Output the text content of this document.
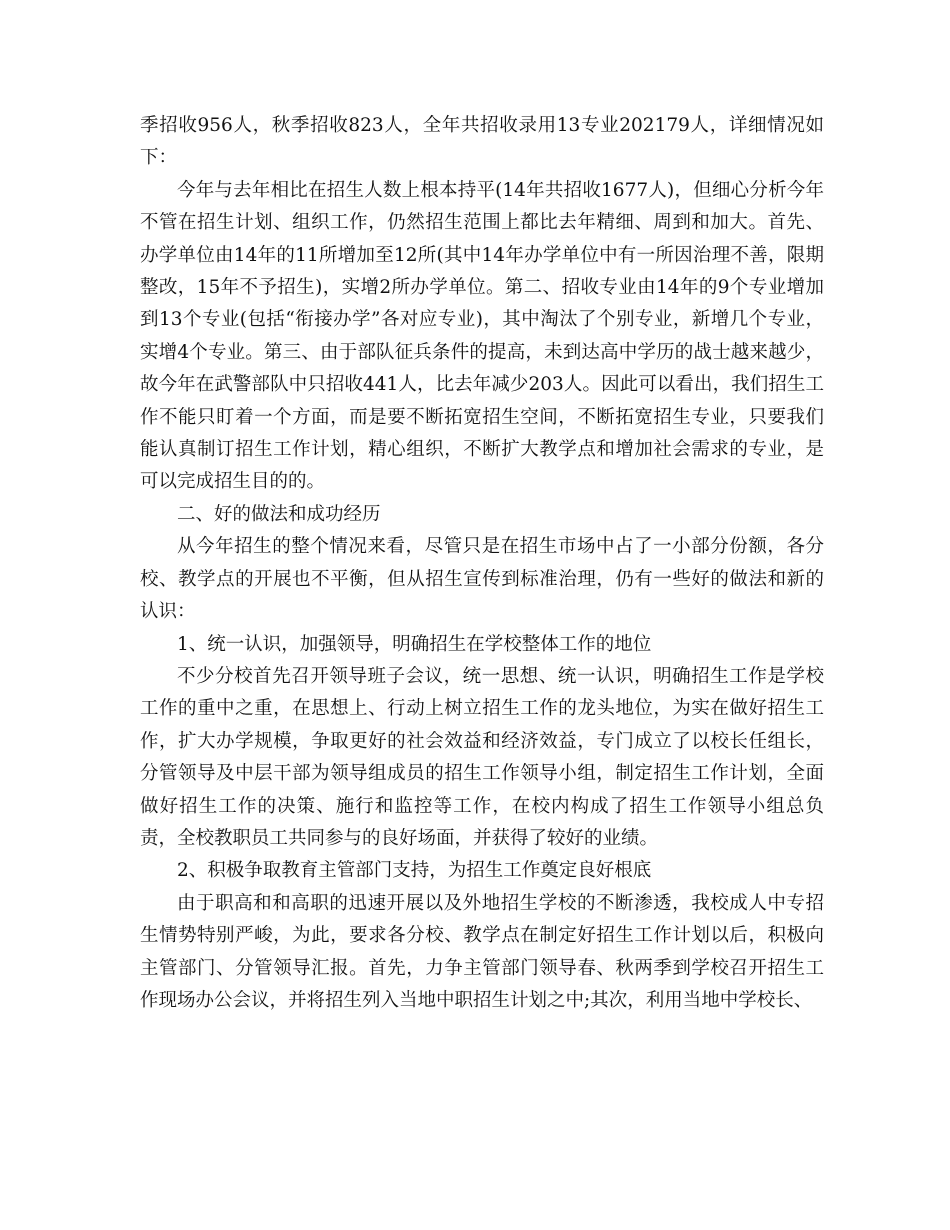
季招收956人，秋季招收823人，全年共招收录用13专业202179人，详细情况如下：

今年与去年相比在招生人数上根本持平(14年共招收1677人)，但细心分析今年不管在招生计划、组织工作，仍然招生范围上都比去年精细、周到和加大。首先、办学单位由14年的11所增加至12所(其中14年办学单位中有一所因治理不善，限期整改，15年不予招生)，实增2所办学单位。第二、招收专业由14年的9个专业增加到13个专业(包括“衔接办学”各对应专业)，其中淘汰了个别专业，新增几个专业，实增4个专业。第三、由于部队征兵条件的提高，未到达高中学历的战士越来越少，故今年在武警部队中只招收441人，比去年减少203人。因此可以看出，我们招生工作不能只盯着一个方面，而是要不断拓宽招生空间，不断拓宽招生专业，只要我们能认真制订招生工作计划，精心组织，不断扩大教学点和增加社会需求的专业，是可以完成招生目的的。

二、好的做法和成功经历

从今年招生的整个情况来看，尽管只是在招生市场中占了一小部分份额，各分校、教学点的开展也不平衡，但从招生宣传到标准治理，仍有一些好的做法和新的认识：

1、统一认识，加强领导，明确招生在学校整体工作的地位

不少分校首先召开领导班子会议，统一思想、统一认识，明确招生工作是学校工作的重中之重，在思想上、行动上树立招生工作的龙头地位，为实在做好招生工作，扩大办学规模，争取更好的社会效益和经济效益，专门成立了以校长任组长，分管领导及中层干部为领导组成员的招生工作领导小组，制定招生工作计划，全面做好招生工作的决策、施行和监控等工作，在校内构成了招生工作领导小组总负责，全校教职员工共同参与的良好场面，并获得了较好的业绩。

2、积极争取教育主管部门支持，为招生工作奠定良好根底

由于职高和和高职的迅速开展以及外地招生学校的不断渗透，我校成人中专招生情势特别严峻，为此，要求各分校、教学点在制定好招生工作计划以后，积极向主管部门、分管领导汇报。首先，力争主管部门领导春、秋两季到学校召开招生工作现场办公会议，并将招生列入当地中职招生计划之中;其次，利用当地中学校长、
